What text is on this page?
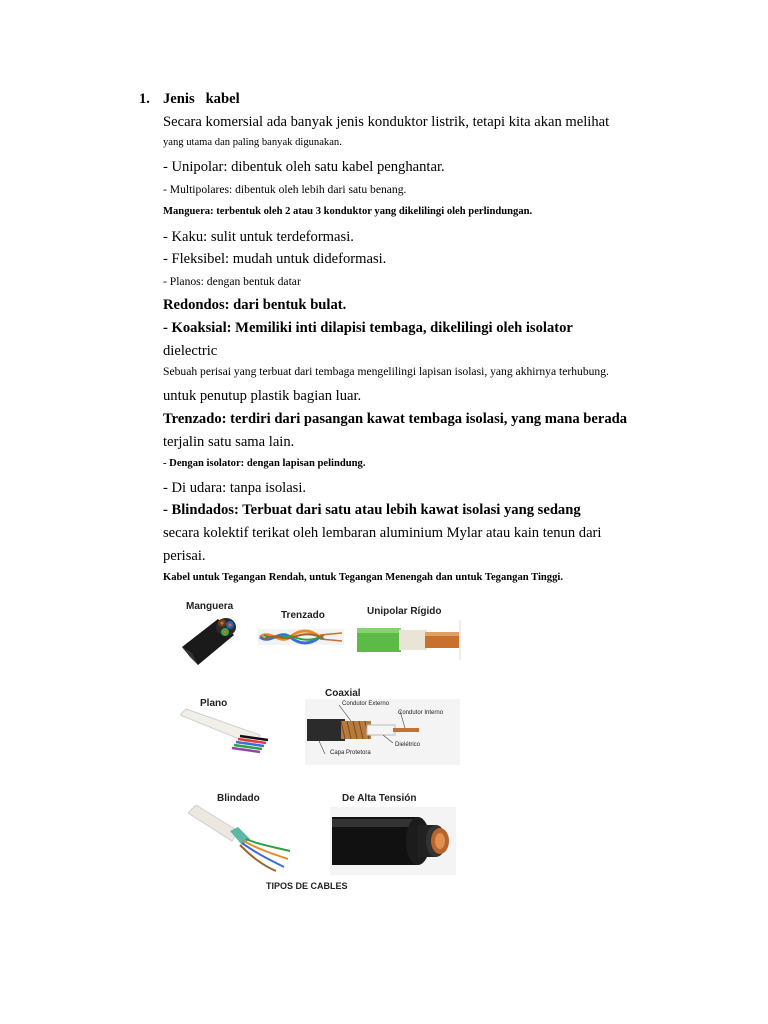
1. Jenis   kabel
Secara komersial ada banyak jenis konduktor listrik, tetapi kita akan melihat
yang utama dan paling banyak digunakan.
- Unipolar: dibentuk oleh satu kabel penghantar.
- Multipolares: dibentuk oleh lebih dari satu benang.
Manguera: terbentuk oleh 2 atau 3 konduktor yang dikelilingi oleh perlindungan.
- Kaku: sulit untuk terdeformasi.
- Fleksibel: mudah untuk dideformasi.
- Planos: dengan bentuk datar
Redondos: dari bentuk bulat.
- Koaksial: Memiliki inti dilapisi tembaga, dikelilingi oleh isolator
dielectric
Sebuah perisai yang terbuat dari tembaga mengelilingi lapisan isolasi, yang akhirnya terhubung.
untuk penutup plastik bagian luar.
Trenzado: terdiri dari pasangan kawat tembaga isolasi, yang mana berada
terjalin satu sama lain.
- Dengan isolator: dengan lapisan pelindung.
- Di udara: tanpa isolasi.
- Blindados: Terbuat dari satu atau lebih kawat isolasi yang sedang
secara kolektif terikat oleh lembaran aluminium Mylar atau kain tenun dari
perisai.
Kabel untuk Tegangan Rendah, untuk Tegangan Menengah dan untuk Tegangan Tinggi.
Manguera
Trenzado	Unipolar Rígido
Plano
Coaxial
Blindado	De Alta Tensión
TIPOS DE CABLES
Condutor Externo
Condutor Interno
Dielétrico
Capa Protetora
